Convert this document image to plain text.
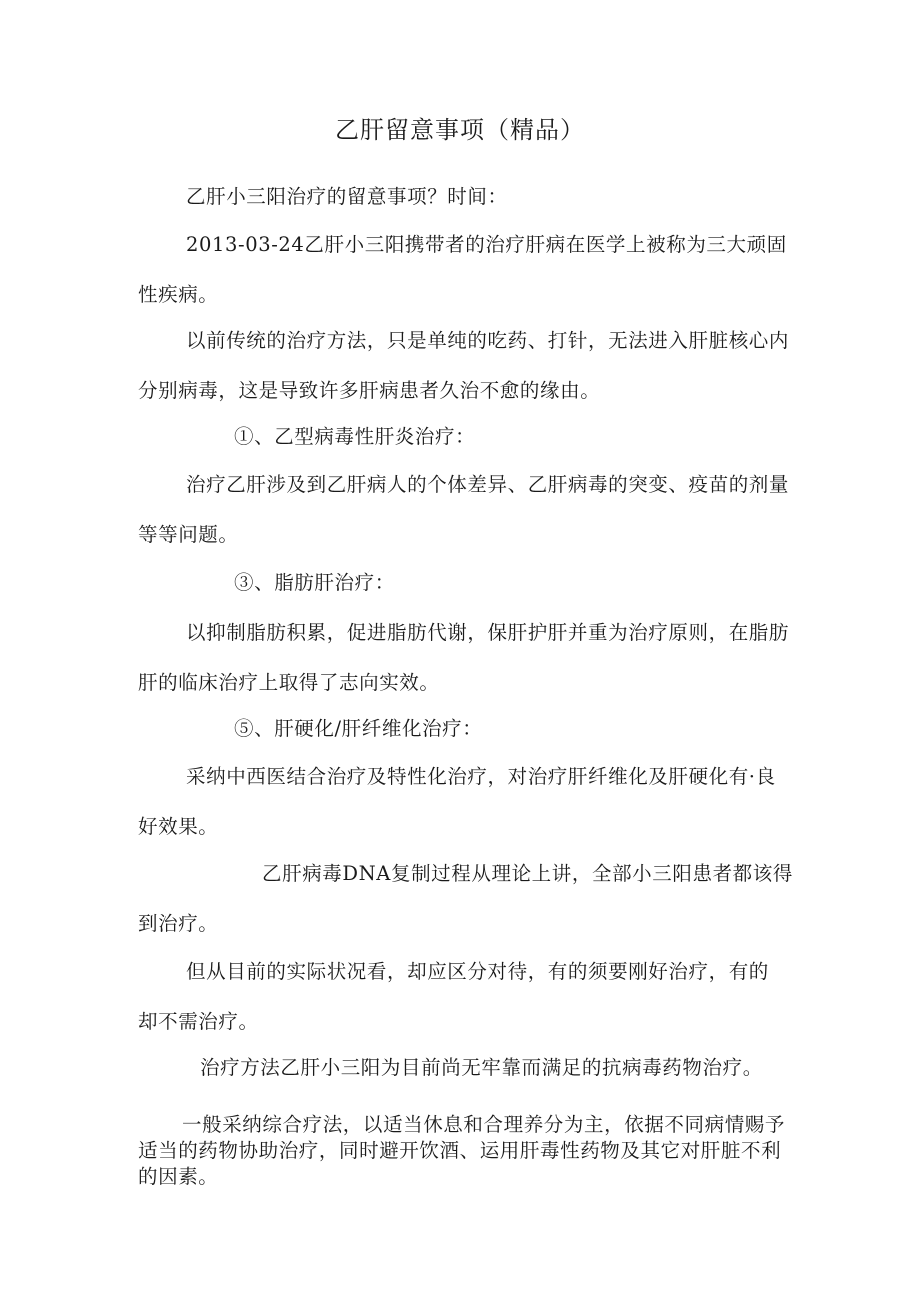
乙肝留意事项（精品）
乙肝小三阳治疗的留意事项？时间：
2013-03-24乙肝小三阳携带者的治疗肝病在医学上被称为三大顽固
性疾病。
以前传统的治疗方法，只是单纯的吃药、打针，无法进入肝脏核心内
分别病毒，这是导致许多肝病患者久治不愈的缘由。
①、乙型病毒性肝炎治疗：
治疗乙肝涉及到乙肝病人的个体差异、乙肝病毒的突变、疫苗的剂量
等等问题。
③、脂肪肝治疗：
以抑制脂肪积累，促进脂肪代谢，保肝护肝并重为治疗原则，在脂肪
肝的临床治疗上取得了志向实效。
⑤、肝硬化/肝纤维化治疗：
采纳中西医结合治疗及特性化治疗，对治疗肝纤维化及肝硬化有·良
好效果。
乙肝病毒DNA复制过程从理论上讲，全部小三阳患者都该得
到治疗。
但从目前的实际状况看，却应区分对待，有的须要刚好治疗，有的
却不需治疗。
治疗方法乙肝小三阳为目前尚无牢靠而满足的抗病毒药物治疗。
一般采纳综合疗法，以适当休息和合理养分为主，依据不同病情赐予
适当的药物协助治疗，同时避开饮酒、运用肝毒性药物及其它对肝脏不利
的因素。
